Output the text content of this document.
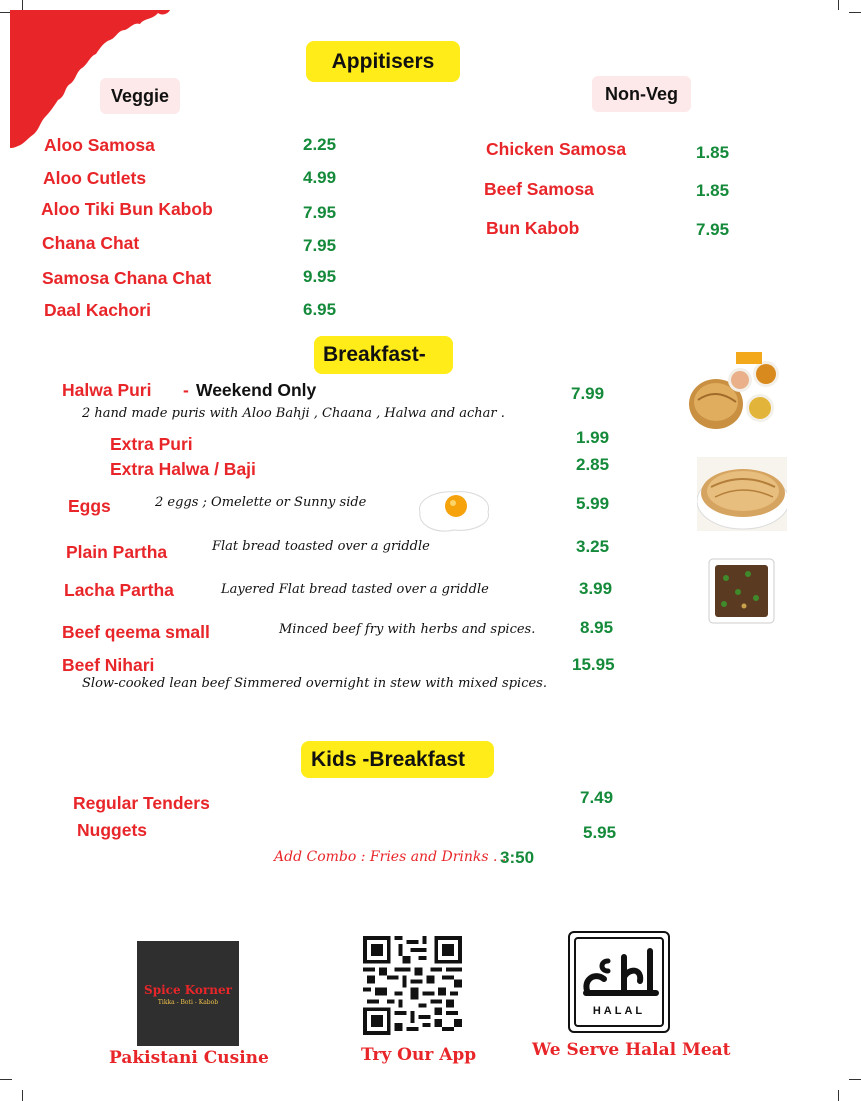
Appitisers
Veggie	Non-Veg
Aloo Samosa	2.25
Aloo Cutlets	4.99
Aloo Tiki Bun Kabob	7.95
Chana Chat	7.95
Samosa Chana Chat	9.95
Daal Kachori	6.95
Chicken Samosa	1.85
Beef Samosa	1.85
Bun Kabob	7.95
Breakfast-
Halwa Puri - Weekend Only	7.99
2 hand made puris with Aloo Bahji , Chaana , Halwa and achar .
Extra Puri	1.99
Extra Halwa / Baji	2.85
Eggs	2 eggs ; Omelette or Sunny side	5.99
Plain Partha	Flat bread toasted over a griddle	3.25
Lacha Partha	Layered Flat bread tasted over a griddle	3.99
Beef qeema small	Minced beef fry with herbs and spices.	8.95
Beef Nihari	15.95
Slow-cooked lean beef Simmered overnight in stew with mixed spices.
Kids -Breakfast
Regular Tenders	7.49
Nuggets	5.95
Add Combo : Fries and Drinks . .
3:50
Spice Korner
Tikka - Boti - Kabob
Pakistani Cusine	Try Our App
HALAL
We Serve Halal Meat
